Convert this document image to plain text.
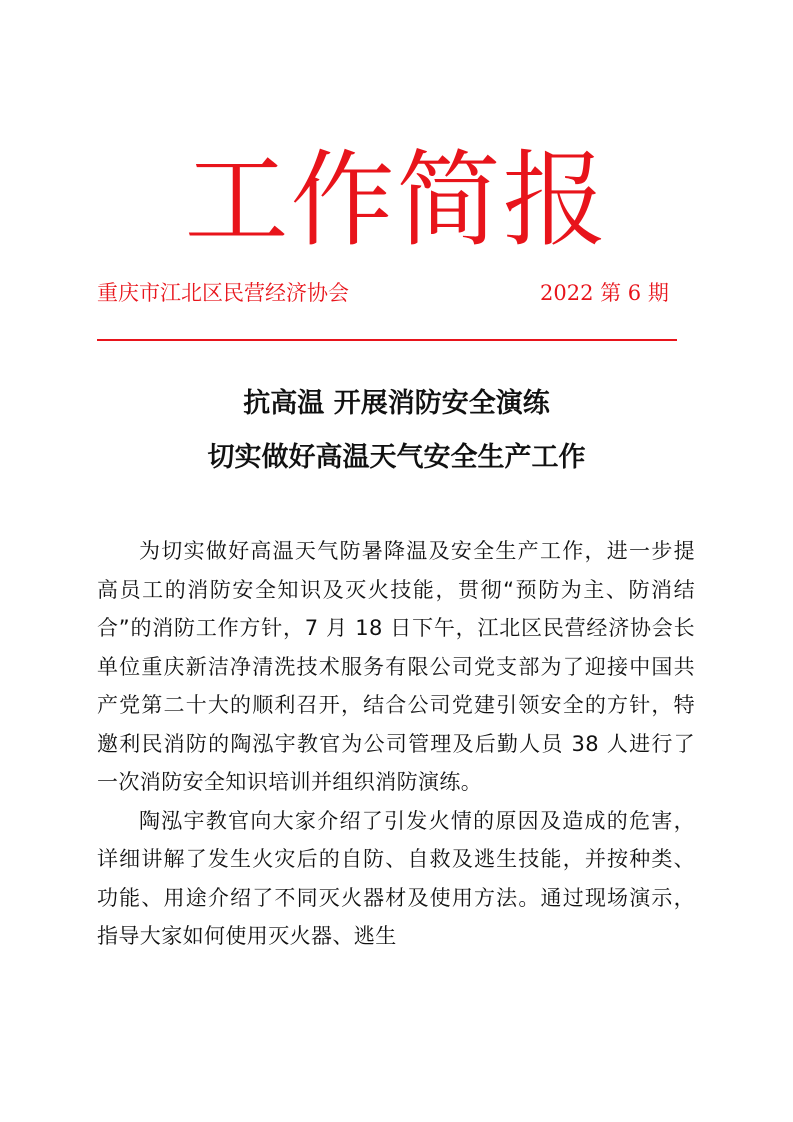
工作简报
重庆市江北区民营经济协会	2022 第 6 期
抗高温 开展消防安全演练
切实做好高温天气安全生产工作

为切实做好高温天气防暑降温及安全生产工作，进一步提高员工的消防安全知识及灭火技能，贯彻“预防为主、防消结合”的消防工作方针，7 月 18 日下午，江北区民营经济协会长单位重庆新洁净清洗技术服务有限公司党支部为了迎接中国共产党第二十大的顺利召开，结合公司党建引领安全的方针，特邀利民消防的陶泓宇教官为公司管理及后勤人员 38 人进行了一次消防安全知识培训并组织消防演练。

陶泓宇教官向大家介绍了引发火情的原因及造成的危害，详细讲解了发生火灾后的自防、自救及逃生技能，并按种类、功能、用途介绍了不同灭火器材及使用方法。通过现场演示，指导大家如何使用灭火器、逃生
